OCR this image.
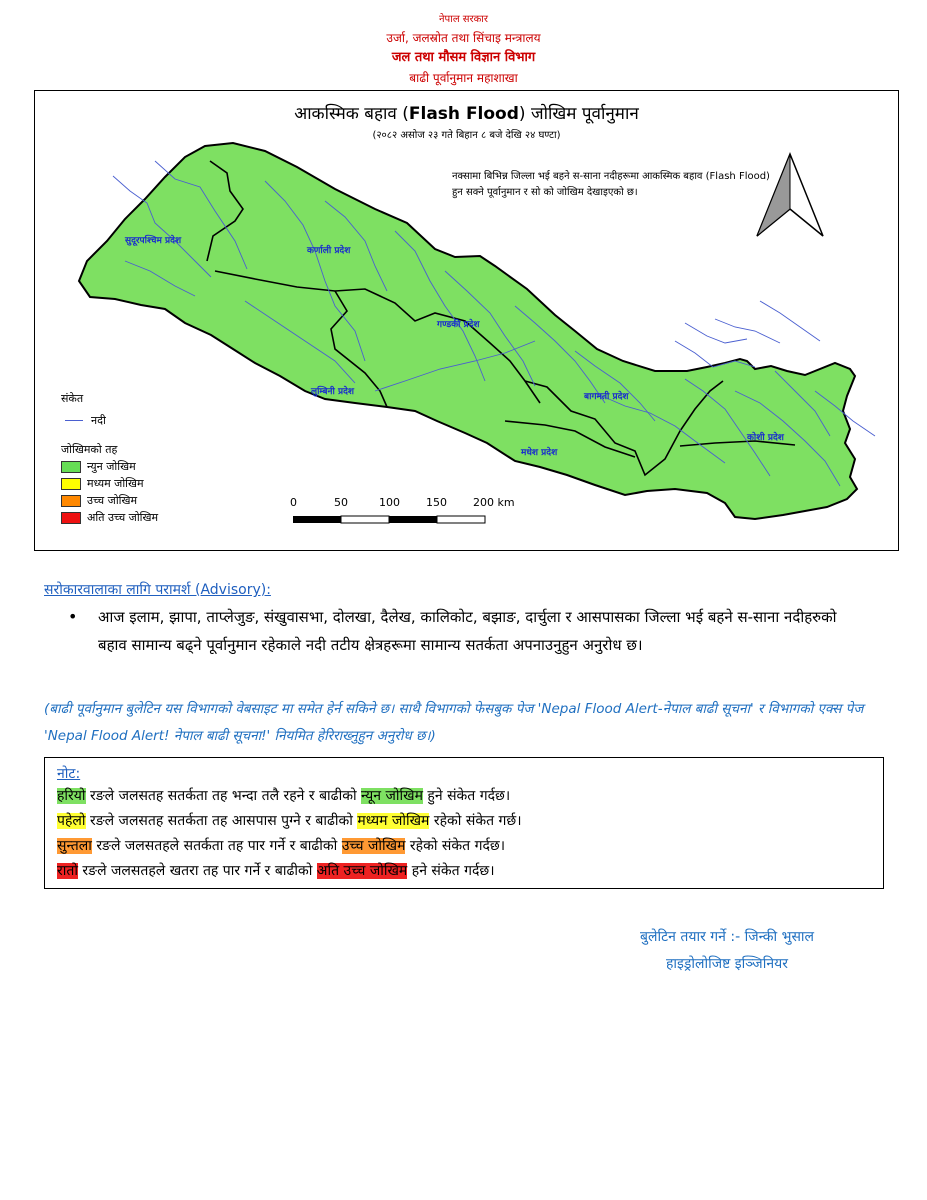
नेपाल सरकार
उर्जा, जलस्रोत तथा सिंचाइ मन्त्रालय
जल तथा मौसम विज्ञान विभाग
बाढी पूर्वानुमान महाशाखा
सुदूरपश्चिम प्रदेश
कर्णाली प्रदेश
गण्डकी प्रदेश
लुम्बिनी प्रदेश	बागमती प्रदेश
मधेश प्रदेश
कोशी प्रदेश
आकस्मिक बहाव (Flash Flood) जोखिम पूर्वानुमान
(२०८२ असोज २३ गते बिहान ८ बजे देखि २४ घण्टा)
नक्सामा बिभिन्न जिल्ला भई बहने स-साना नदीहरूमा आकस्मिक बहाव (Flash Flood) हुन सक्ने पूर्वानुमान र सो को जोखिम देखाइएको छ।
संकेत
नदी
जोखिमको तह
न्युन जोखिम
मध्यम जोखिम
उच्च जोखिम
अति उच्च जोखिम
0	50	100 150 200 km
सरोकारवालाका लागि परामर्श (Advisory):
• आज इलाम, झापा, ताप्लेजुङ, संखुवासभा, दोलखा, दैलेख, कालिकोट, बझाङ, दार्चुला र आसपासका जिल्ला भई बहने स-साना नदीहरुको बहाव सामान्य बढ्ने पूर्वानुमान रहेकाले नदी तटीय क्षेत्रहरूमा सामान्य सतर्कता अपनाउनुहुन अनुरोध छ।
(बाढी पूर्वानुमान बुलेटिन यस विभागको वेबसाइट मा समेत हेर्न सकिने छ। साथै विभागको फेसबुक पेज 'Nepal Flood Alert-नेपाल बाढी सूचना' र विभागको एक्स पेज 'Nepal Flood Alert! नेपाल बाढी सूचना!' नियमित हेरिराख्नुहुन अनुरोध छ।)
नोट:
हरियो रङले जलसतह सतर्कता तह भन्दा तलै रहने र बाढीको न्यून जोखिम हुने संकेत गर्दछ।
पहेलो रङले जलसतह सतर्कता तह आसपास पुग्ने र बाढीको मध्यम जोखिम रहेको संकेत गर्छ।
सुन्तला रङले जलसतहले सतर्कता तह पार गर्ने र बाढीको उच्च जोखिम रहेको संकेत गर्दछ।
रातो रङले जलसतहले खतरा तह पार गर्ने र बाढीको अति उच्च जोखिम हने संकेत गर्दछ।
बुलेटिन तयार गर्ने :- जिन्की भुसाल
हाइड्रोलोजिष्ट इञ्जिनियर
